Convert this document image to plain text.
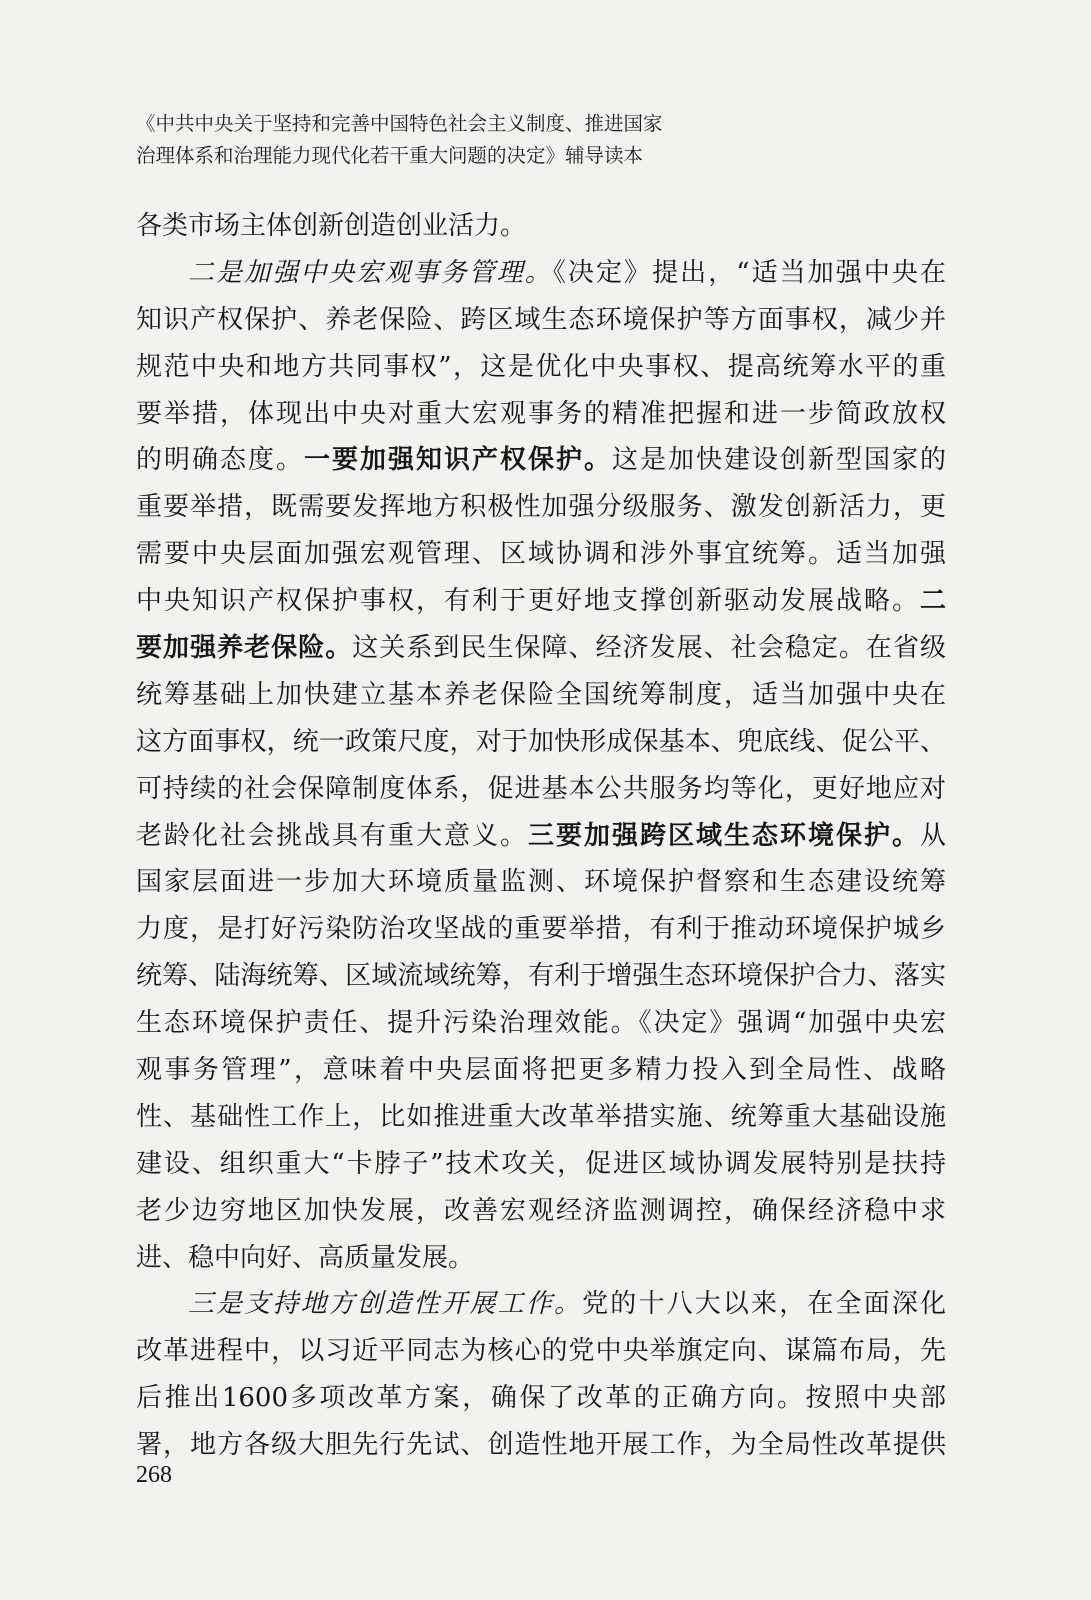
《中共中央关于坚持和完善中国特色社会主义制度、推进国家
治理体系和治理能力现代化若干重大问题的决定》辅导读本
各类市场主体创新创造创业活力。
二是加强中央宏观事务管理。《决定》提出，“适当加强中央在
知识产权保护、养老保险、跨区域生态环境保护等方面事权，减少并
规范中央和地方共同事权”，这是优化中央事权、提高统筹水平的重
要举措，体现出中央对重大宏观事务的精准把握和进一步简政放权
的明确态度。一要加强知识产权保护。这是加快建设创新型国家的
重要举措，既需要发挥地方积极性加强分级服务、激发创新活力，更
需要中央层面加强宏观管理、区域协调和涉外事宜统筹。适当加强
中央知识产权保护事权，有利于更好地支撑创新驱动发展战略。二
要加强养老保险。这关系到民生保障、经济发展、社会稳定。在省级
统筹基础上加快建立基本养老保险全国统筹制度，适当加强中央在
这方面事权，统一政策尺度，对于加快形成保基本、兜底线、促公平、
可持续的社会保障制度体系，促进基本公共服务均等化，更好地应对
老龄化社会挑战具有重大意义。三要加强跨区域生态环境保护。从
国家层面进一步加大环境质量监测、环境保护督察和生态建设统筹
力度，是打好污染防治攻坚战的重要举措，有利于推动环境保护城乡
统筹、陆海统筹、区域流域统筹，有利于增强生态环境保护合力、落实
生态环境保护责任、提升污染治理效能。《决定》强调“加强中央宏
观事务管理”，意味着中央层面将把更多精力投入到全局性、战略
性、基础性工作上，比如推进重大改革举措实施、统筹重大基础设施
建设、组织重大“卡脖子”技术攻关，促进区域协调发展特别是扶持
老少边穷地区加快发展，改善宏观经济监测调控，确保经济稳中求
进、稳中向好、高质量发展。
三是支持地方创造性开展工作。党的十八大以来，在全面深化
改革进程中，以习近平同志为核心的党中央举旗定向、谋篇布局，先
后推出1600多项改革方案，确保了改革的正确方向。按照中央部
署，地方各级大胆先行先试、创造性地开展工作，为全局性改革提供
268
